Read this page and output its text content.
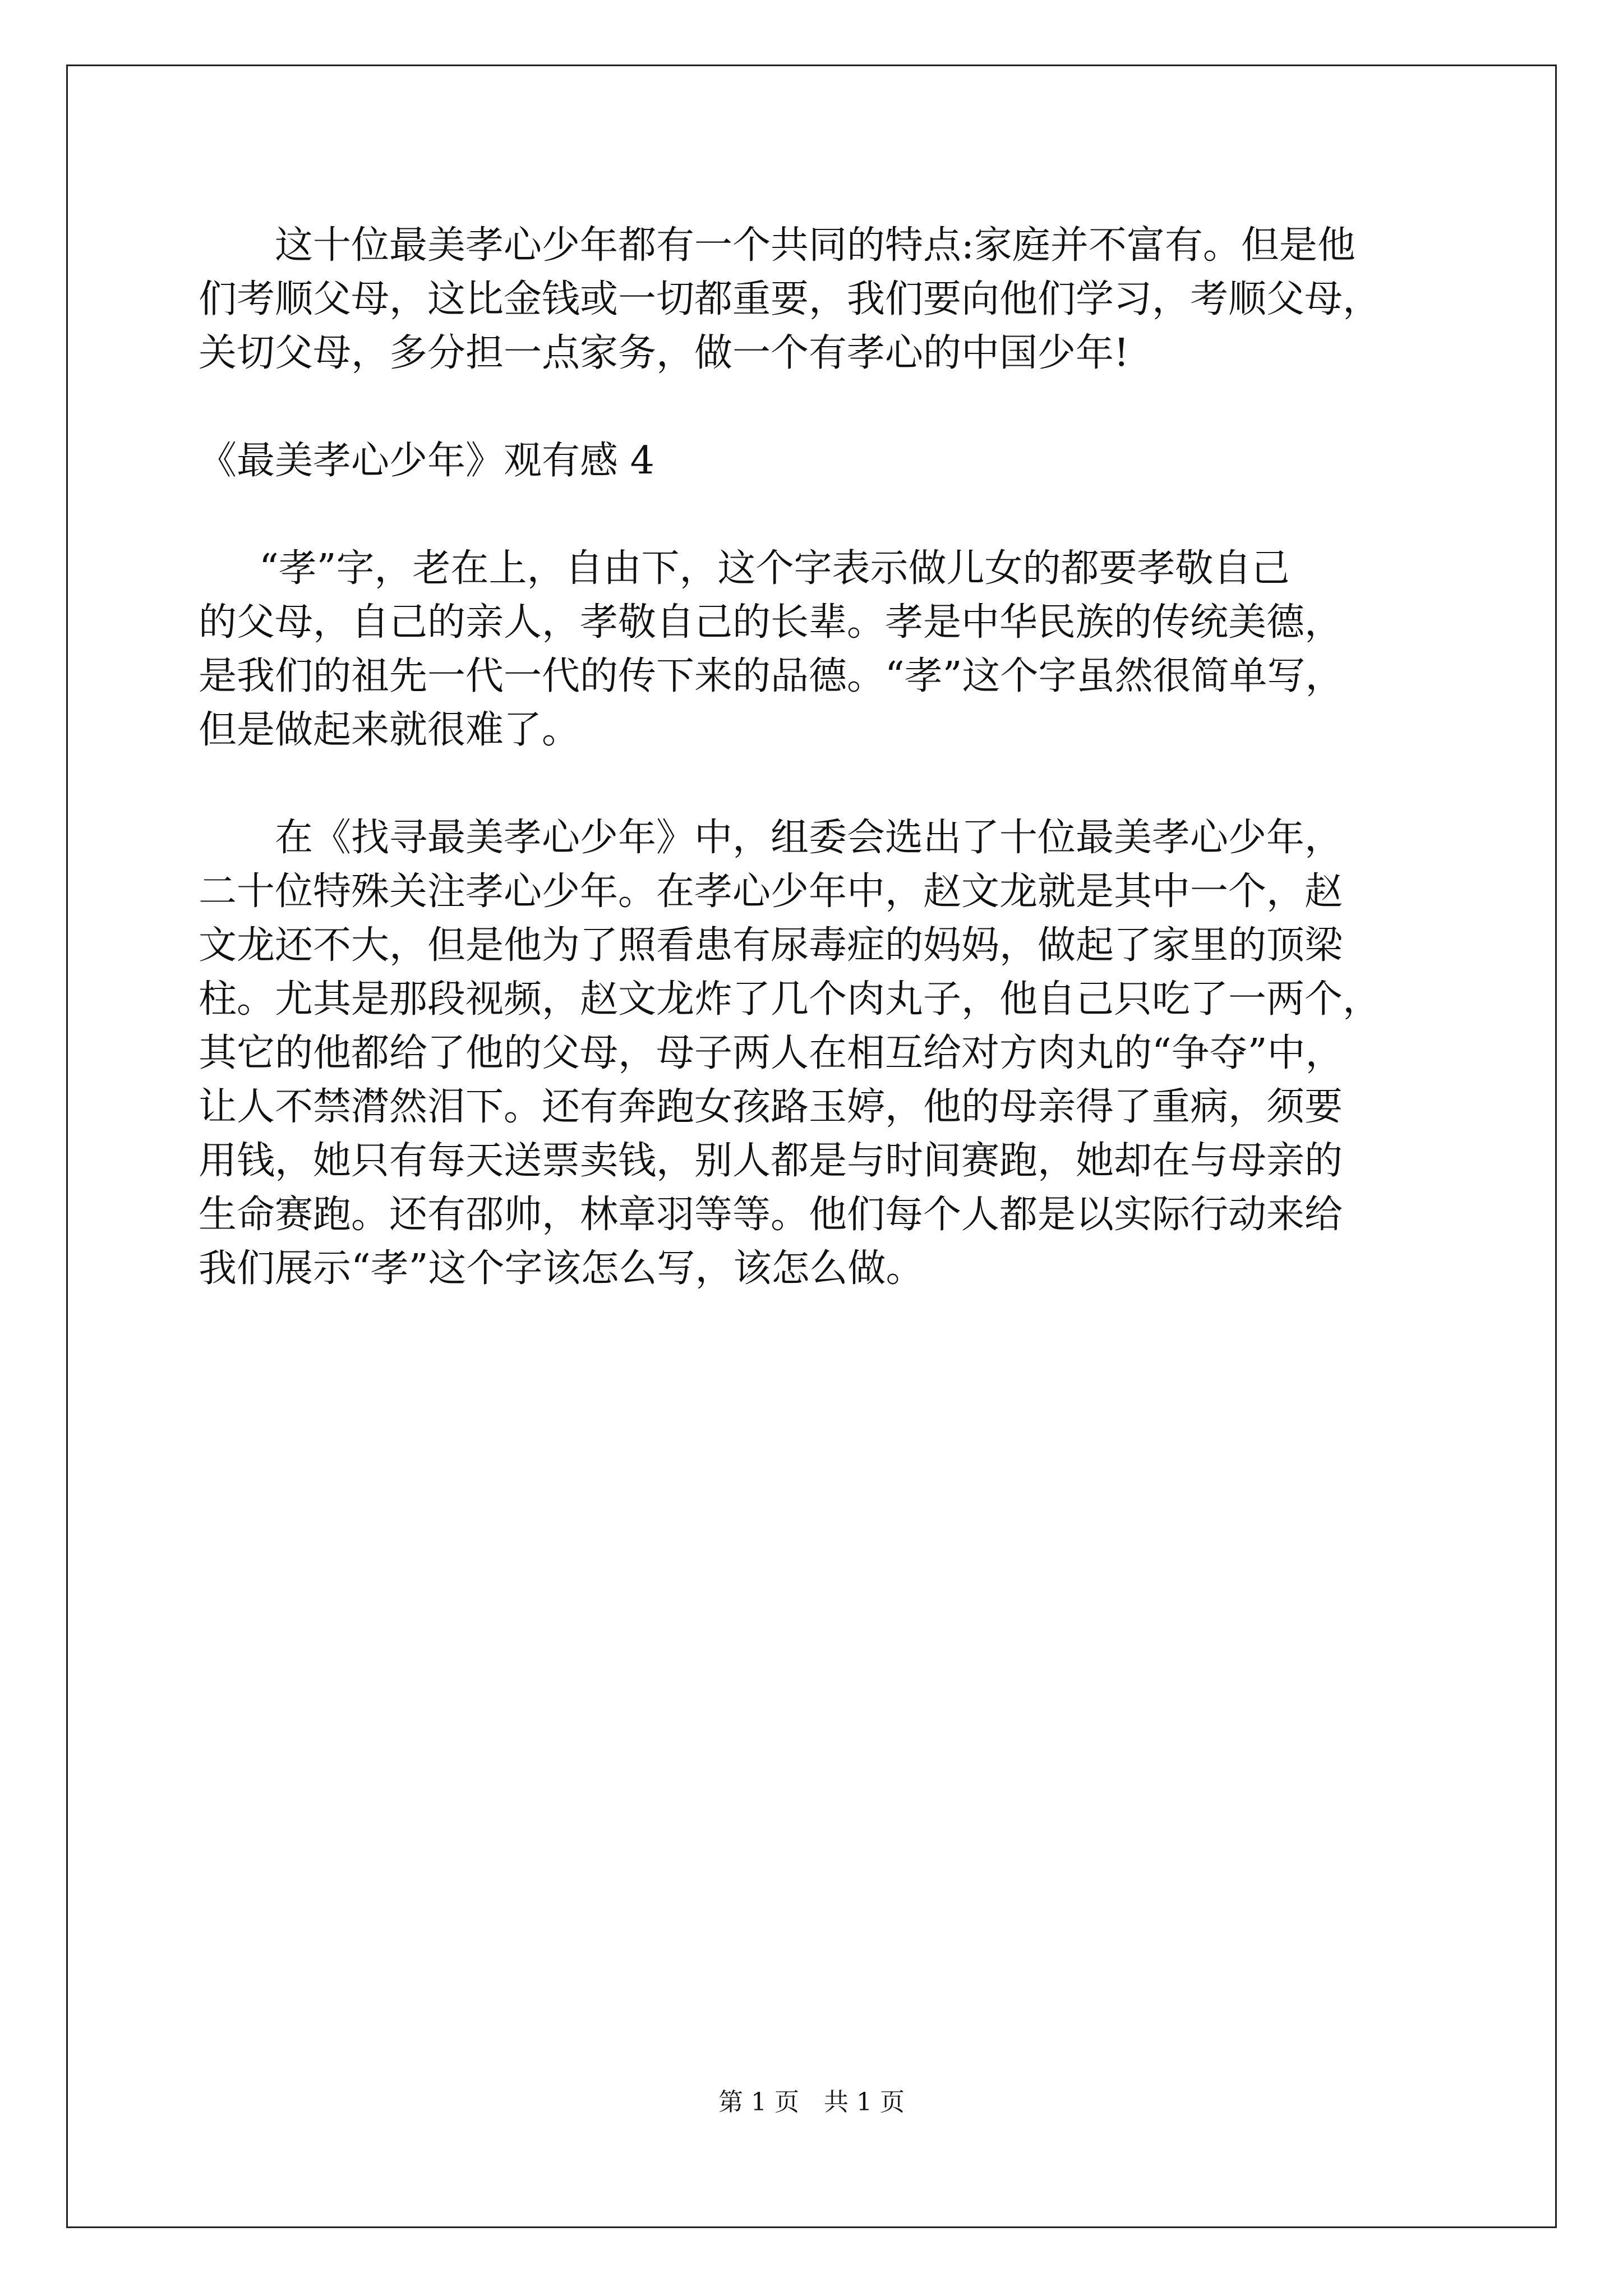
这十位最美孝心少年都有一个共同的特点:家庭并不富有。但是他
们考顺父母，这比金钱或一切都重要，我们要向他们学习，考顺父母，
关切父母，多分担一点家务，做一个有孝心的中国少年!
《最美孝心少年》观有感 4
“孝”字，老在上，自由下，这个字表示做儿女的都要孝敬自己
的父母，自己的亲人，孝敬自己的长辈。孝是中华民族的传统美德，
是我们的祖先一代一代的传下来的品德。“孝”这个字虽然很简单写，
但是做起来就很难了。
在《找寻最美孝心少年》中，组委会选出了十位最美孝心少年，
二十位特殊关注孝心少年。在孝心少年中，赵文龙就是其中一个，赵
文龙还不大，但是他为了照看患有尿毒症的妈妈，做起了家里的顶梁
柱。尤其是那段视频，赵文龙炸了几个肉丸子，他自己只吃了一两个，
其它的他都给了他的父母，母子两人在相互给对方肉丸的“争夺”中，
让人不禁潸然泪下。还有奔跑女孩路玉婷，他的母亲得了重病，须要
用钱，她只有每天送票卖钱，别人都是与时间赛跑，她却在与母亲的
生命赛跑。还有邵帅，林章羽等等。他们每个人都是以实际行动来给
我们展示“孝”这个字该怎么写，该怎么做。
第 1 页　共 1 页
